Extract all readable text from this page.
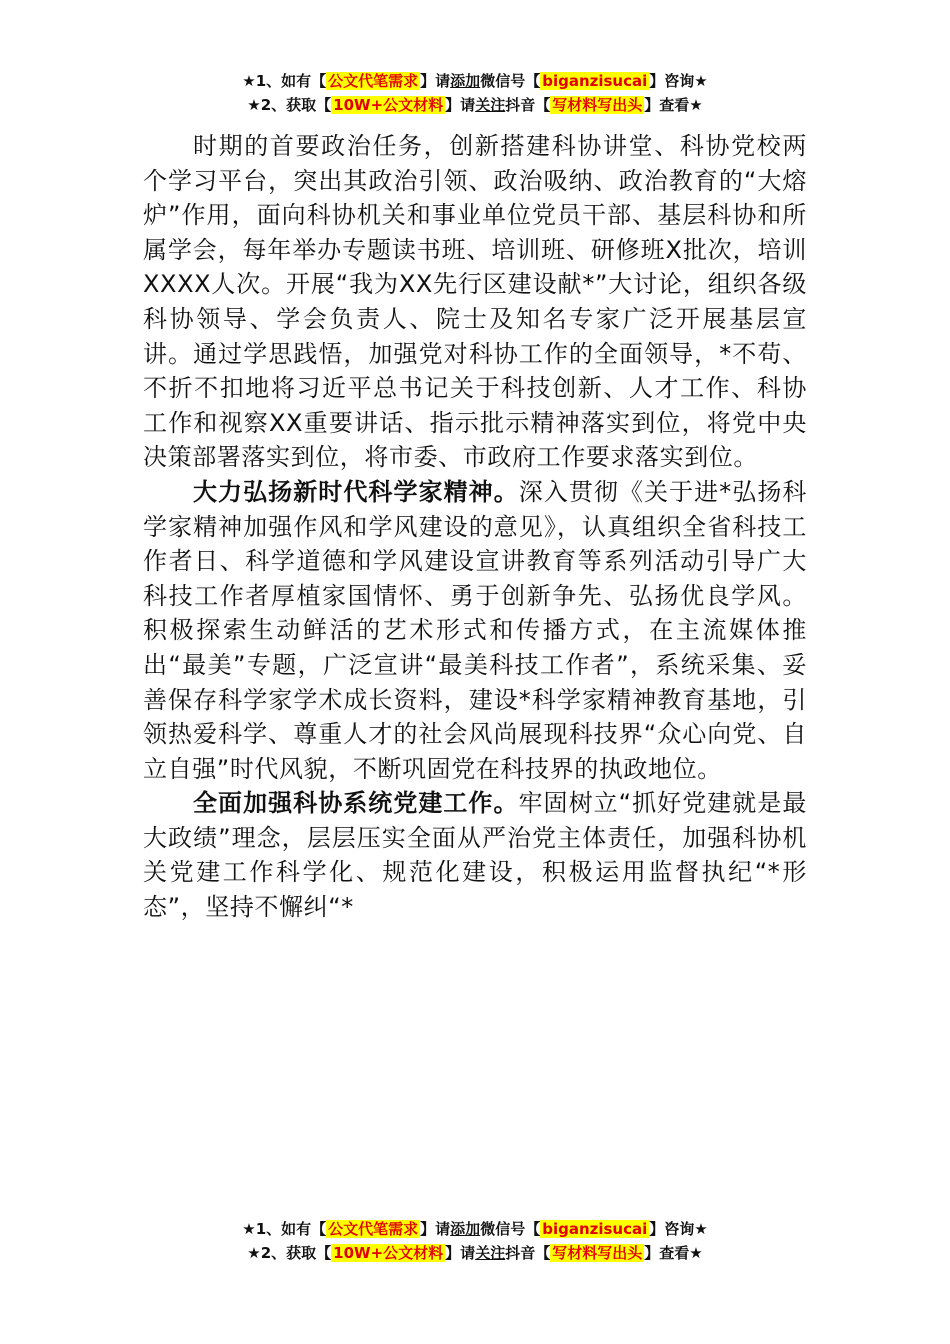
★1、如有【 公文代笔需求 】请添加微信号【 biganzisucai 】咨询★
★2、获取【 10W+公文材料 】请关注抖音【 写材料写出头 】查看★

时期的首要政治任务，创新搭建科协讲堂、科协党校两个学习平台，突出其政治引领、政治吸纳、政治教育的“大熔炉”作用，面向科协机关和事业单位党员干部、基层科协和所属学会，每年举办专题读书班、培训班、研修班X批次，培训XXXX人次。开展“我为XX先行区建设献*”大讨论，组织各级科协领导、学会负责人、院士及知名专家广泛开展基层宣讲。通过学思践悟，加强党对科协工作的全面领导，*不苟、不折不扣地将习近平总书记关于科技创新、人才工作、科协工作和视察XX重要讲话、指示批示精神落实到位，将党中央决策部署落实到位，将市委、市政府工作要求落实到位。

大力弘扬新时代科学家精神。深入贯彻《关于进*弘扬科学家精神加强作风和学风建设的意见》，认真组织全省科技工作者日、科学道德和学风建设宣讲教育等系列活动引导广大科技工作者厚植家国情怀、勇于创新争先、弘扬优良学风。积极探索生动鲜活的艺术形式和传播方式，在主流媒体推出“最美”专题，广泛宣讲“最美科技工作者”，系统采集、妥善保存科学家学术成长资料，建设*科学家精神教育基地，引领热爱科学、尊重人才的社会风尚展现科技界“众心向党、自立自强”时代风貌，不断巩固党在科技界的执政地位。

全面加强科协系统党建工作。牢固树立“抓好党建就是最大政绩”理念，层层压实全面从严治党主体责任，加强科协机关党建工作科学化、规范化建设，积极运用监督执纪“*形态”，坚持不懈纠“*

★1、如有【 公文代笔需求 】请添加微信号【 biganzisucai 】咨询★
★2、获取【 10W+公文材料 】请关注抖音【 写材料写出头 】查看★
